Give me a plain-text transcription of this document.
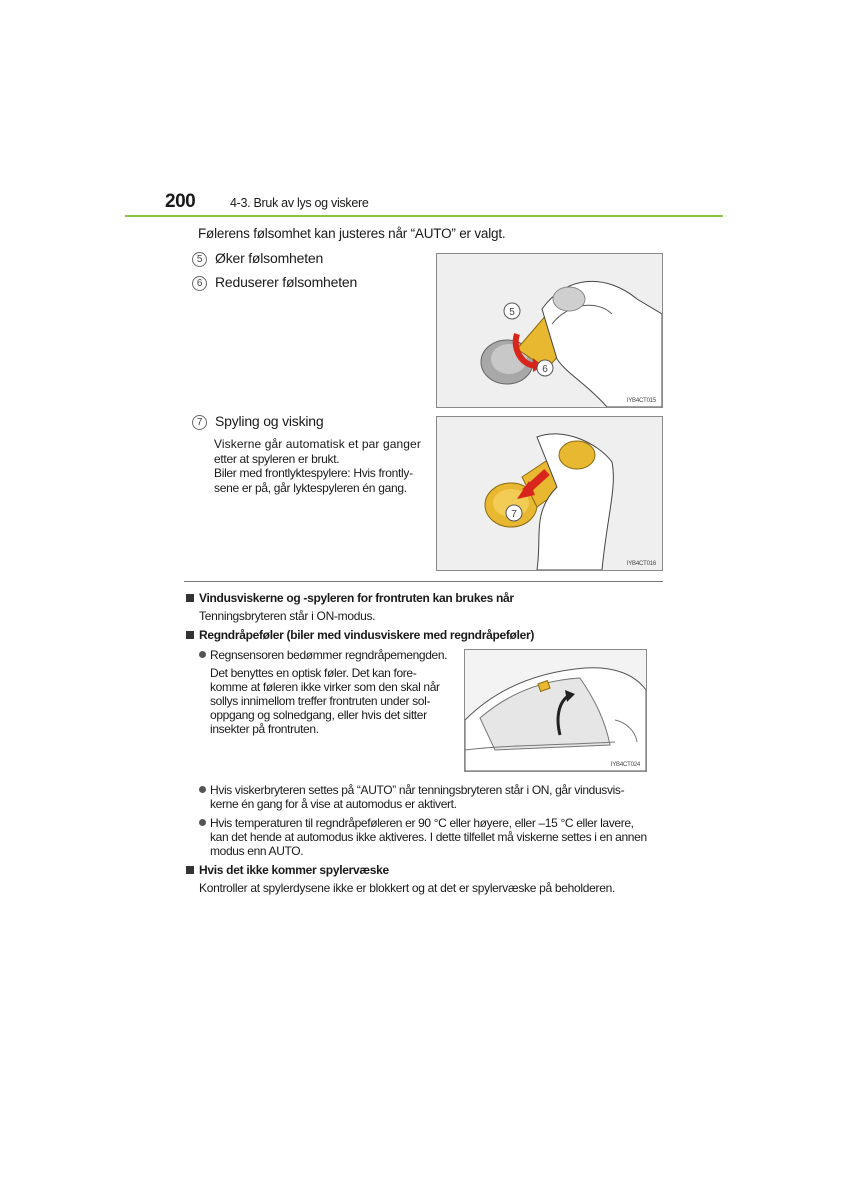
200	4-3. Bruk av lys og viskere
Følerens følsomhet kan justeres når “AUTO” er valgt.
5 Øker følsomheten
6 Reduserer følsomheten
7 Spyling og visking

Viskerne går automatisk et par ganger

etter at spyleren er brukt.

Biler med frontlyktespylere: Hvis frontly-

sene er på, går lyktespyleren én gang.

5
6
IYB4CT015
7
IYB4CT016
Vindusviskerne og -spyleren for frontruten kan brukes når
Tenningsbryteren står i ON-modus.
Regndråpeføler (biler med vindusviskere med regndråpeføler)
Regnsensoren bedømmer regndråpemengden.

Det benyttes en optisk føler. Det kan fore-

komme at føleren ikke virker som den skal når

sollys innimellom treffer frontruten under sol-

oppgang og solnedgang, eller hvis det sitter

insekter på frontruten.

IYB4CT024

Hvis viskerbryteren settes på “AUTO” når tenningsbryteren står i ON, går vindusvis-

kerne én gang for å vise at automodus er aktivert.

Hvis temperaturen til regndråpeføleren er 90 °C eller høyere, eller –15 °C eller lavere,

kan det hende at automodus ikke aktiveres. I dette tilfellet må viskerne settes i en annen

modus enn AUTO.

Hvis det ikke kommer spylervæske
Kontroller at spylerdysene ikke er blokkert og at det er spylervæske på beholderen.
